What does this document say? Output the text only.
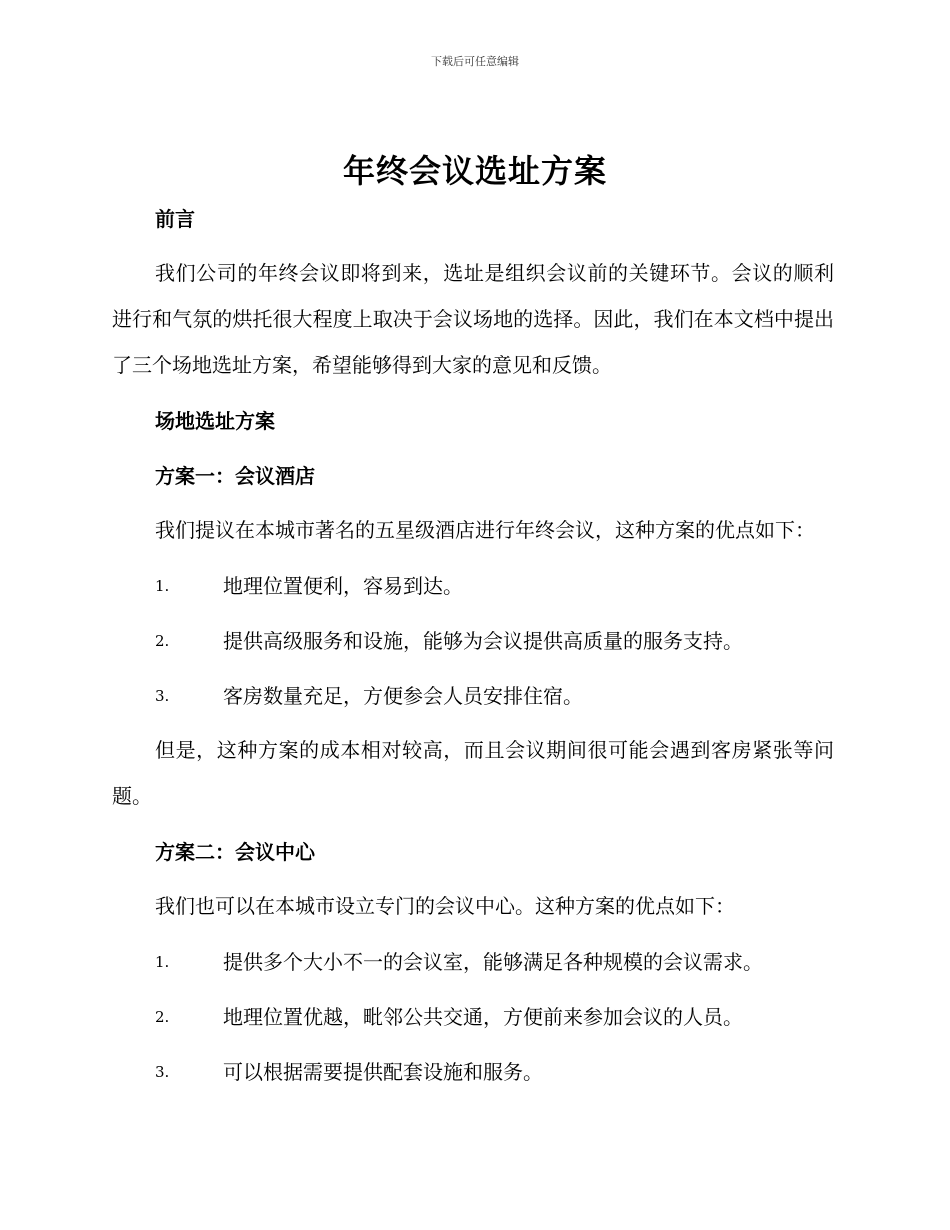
下载后可任意编辑
年终会议选址方案
前言

我们公司的年终会议即将到来，选址是组织会议前的关键环节。会议的顺利进行和气氛的烘托很大程度上取决于会议场地的选择。因此，我们在本文档中提出了三个场地选址方案，希望能够得到大家的意见和反馈。

场地选址方案
方案一：会议酒店

我们提议在本城市著名的五星级酒店进行年终会议，这种方案的优点如下：

1.	地理位置便利，容易到达。
2.	提供高级服务和设施，能够为会议提供高质量的服务支持。
3.	客房数量充足，方便参会人员安排住宿。

但是，这种方案的成本相对较高，而且会议期间很可能会遇到客房紧张等问题。

方案二：会议中心

我们也可以在本城市设立专门的会议中心。这种方案的优点如下：

1.	提供多个大小不一的会议室，能够满足各种规模的会议需求。
2.	地理位置优越，毗邻公共交通，方便前来参加会议的人员。
3.	可以根据需要提供配套设施和服务。
